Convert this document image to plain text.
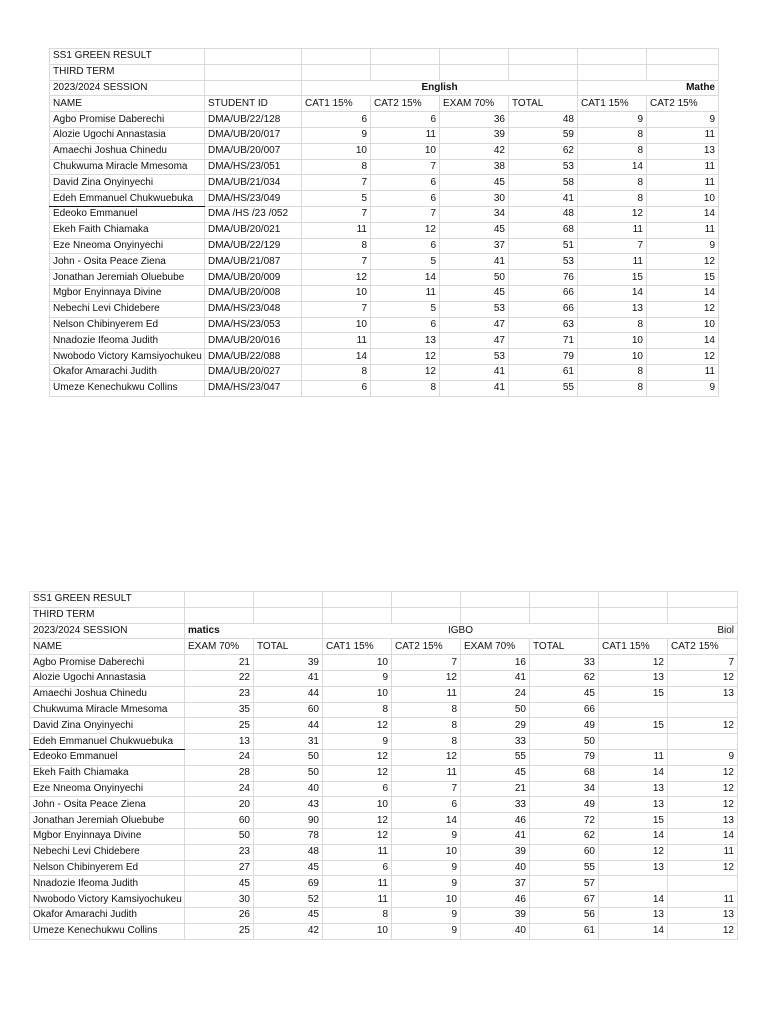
SS1 GREEN RESULT							
THIRD TERM							
2023/2024 SESSION		English				Mathe	
NAME	STUDENT ID	CAT1 15%	CAT2 15%	EXAM 70%	TOTAL	CAT1 15%	CAT2 15%
Agbo Promise Daberechi	DMA/UB/22/128	6	6	36	48	9	9
Alozie Ugochi Annastasia	DMA/UB/20/017	9	11	39	59	8	11
Amaechi Joshua Chinedu	DMA/UB/20/007	10	10	42	62	8	13
Chukwuma Miracle Mmesoma	DMA/HS/23/051	8	7	38	53	14	11
David Zina Onyinyechi	DMA/UB/21/034	7	6	45	58	8	11
Edeh Emmanuel Chukwuebuka	DMA/HS/23/049	5	6	30	41	8	10
Edeoko Emmanuel	DMA /HS /23 /052	7	7	34	48	12	14
Ekeh Faith Chiamaka	DMA/UB/20/021	11	12	45	68	11	11
Eze Nneoma Onyinyechi	DMA/UB/22/129	8	6	37	51	7	9
John - Osita Peace Ziena	DMA/UB/21/087	7	5	41	53	11	12
Jonathan Jeremiah Oluebube	DMA/UB/20/009	12	14	50	76	15	15
Mgbor Enyinnaya Divine	DMA/UB/20/008	10	11	45	66	14	14
Nebechi Levi Chidebere	DMA/HS/23/048	7	5	53	66	13	12
Nelson Chibinyerem Ed	DMA/HS/23/053	10	6	47	63	8	10
Nnadozie Ifeoma Judith	DMA/UB/20/016	11	13	47	71	10	14
Nwobodo Victory Kamsiyochukeu	DMA/UB/22/088	14	12	53	79	10	12
Okafor Amarachi Judith	DMA/UB/20/027	8	12	41	61	8	11
Umeze Kenechukwu Collins	DMA/HS/23/047	6	8	41	55	8	9
SS1 GREEN RESULT								
THIRD TERM								
2023/2024 SESSION	matics		IGBO				Biol	
NAME	EXAM 70%	TOTAL	CAT1 15%	CAT2 15%	EXAM 70%	TOTAL	CAT1 15%	CAT2 15%
Agbo Promise Daberechi	21	39	10	7	16	33	12	7
Alozie Ugochi Annastasia	22	41	9	12	41	62	13	12
Amaechi Joshua Chinedu	23	44	10	11	24	45	15	13
Chukwuma Miracle Mmesoma	35	60	8	8	50	66		
David Zina Onyinyechi	25	44	12	8	29	49	15	12
Edeh Emmanuel Chukwuebuka	13	31	9	8	33	50		
Edeoko Emmanuel	24	50	12	12	55	79	11	9
Ekeh Faith Chiamaka	28	50	12	11	45	68	14	12
Eze Nneoma Onyinyechi	24	40	6	7	21	34	13	12
John - Osita Peace Ziena	20	43	10	6	33	49	13	12
Jonathan Jeremiah Oluebube	60	90	12	14	46	72	15	13
Mgbor Enyinnaya Divine	50	78	12	9	41	62	14	14
Nebechi Levi Chidebere	23	48	11	10	39	60	12	11
Nelson Chibinyerem Ed	27	45	6	9	40	55	13	12
Nnadozie Ifeoma Judith	45	69	11	9	37	57		
Nwobodo Victory Kamsiyochukeu	30	52	11	10	46	67	14	11
Okafor Amarachi Judith	26	45	8	9	39	56	13	13
Umeze Kenechukwu Collins	25	42	10	9	40	61	14	12
